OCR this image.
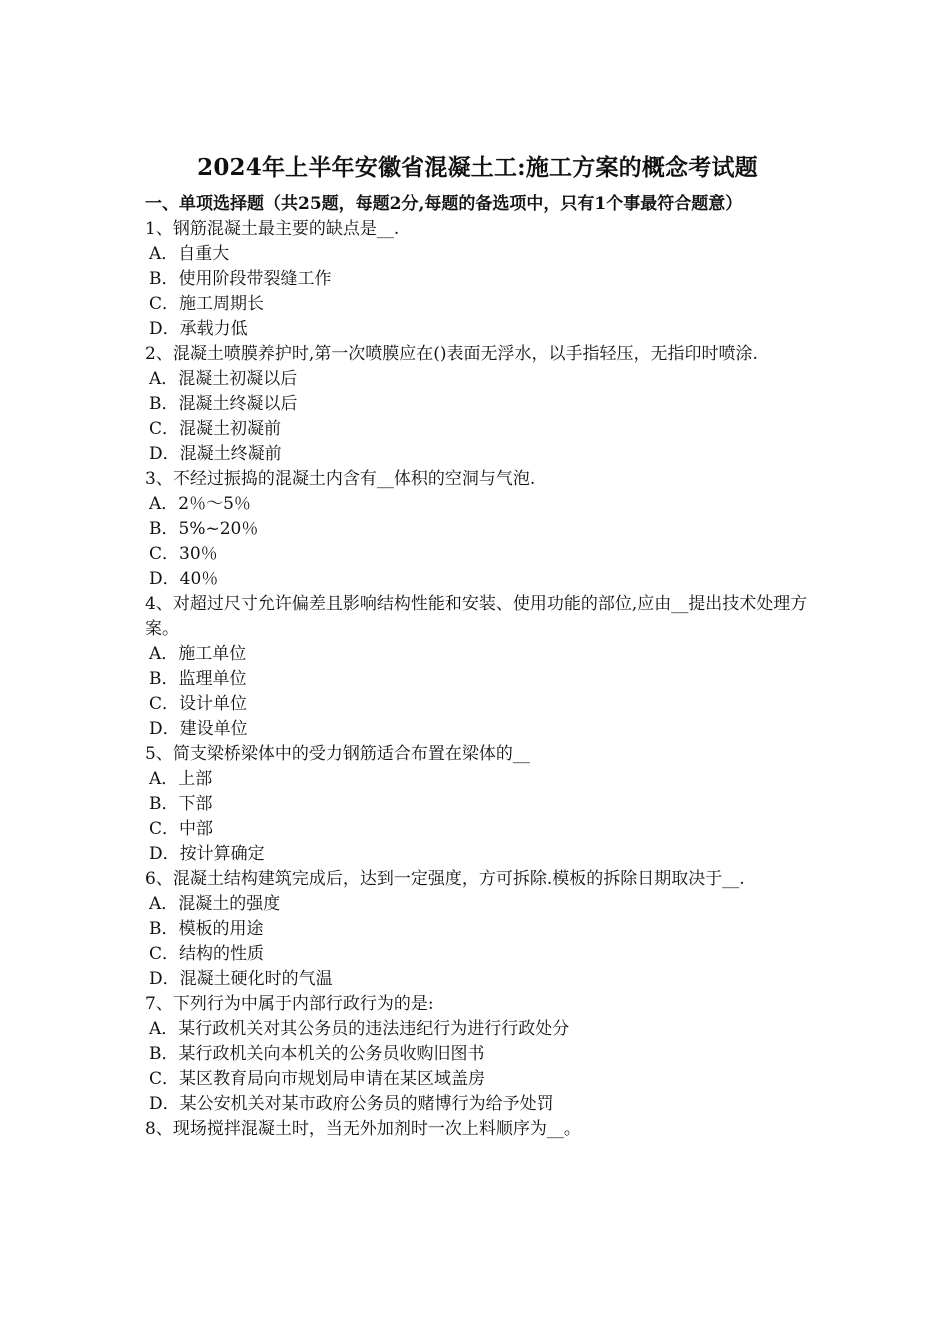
2024年上半年安徽省混凝土工:施工方案的概念考试题

一、单项选择题（共25题，每题2分,每题的备选项中，只有1个事最符合题意）

1、钢筋混凝土最主要的缺点是__.

A．自重大

B．使用阶段带裂缝工作

C．施工周期长

D．承载力低

2、混凝土喷膜养护时,第一次喷膜应在()表面无浮水，以手指轻压，无指印时喷涂.

A．混凝土初凝以后

B．混凝土终凝以后

C．混凝土初凝前

D．混凝土终凝前

3、不经过振捣的混凝土内含有__体积的空洞与气泡.

A．2％～5％

B．5%~20％

C．30％

D．40％

4、对超过尺寸允许偏差且影响结构性能和安装、使用功能的部位,应由__提出技术处理方案。

A．施工单位

B．监理单位

C．设计单位

D．建设单位

5、简支梁桥梁体中的受力钢筋适合布置在梁体的__

A．上部

B．下部

C．中部

D．按计算确定

6、混凝土结构建筑完成后，达到一定强度，方可拆除.模板的拆除日期取决于__.

A．混凝土的强度

B．模板的用途

C．结构的性质

D．混凝土硬化时的气温

7、下列行为中属于内部行政行为的是:

A．某行政机关对其公务员的违法违纪行为进行行政处分

B．某行政机关向本机关的公务员收购旧图书

C．某区教育局向市规划局申请在某区域盖房

D．某公安机关对某市政府公务员的赌博行为给予处罚

8、现场搅拌混凝土时，当无外加剂时一次上料顺序为__。
